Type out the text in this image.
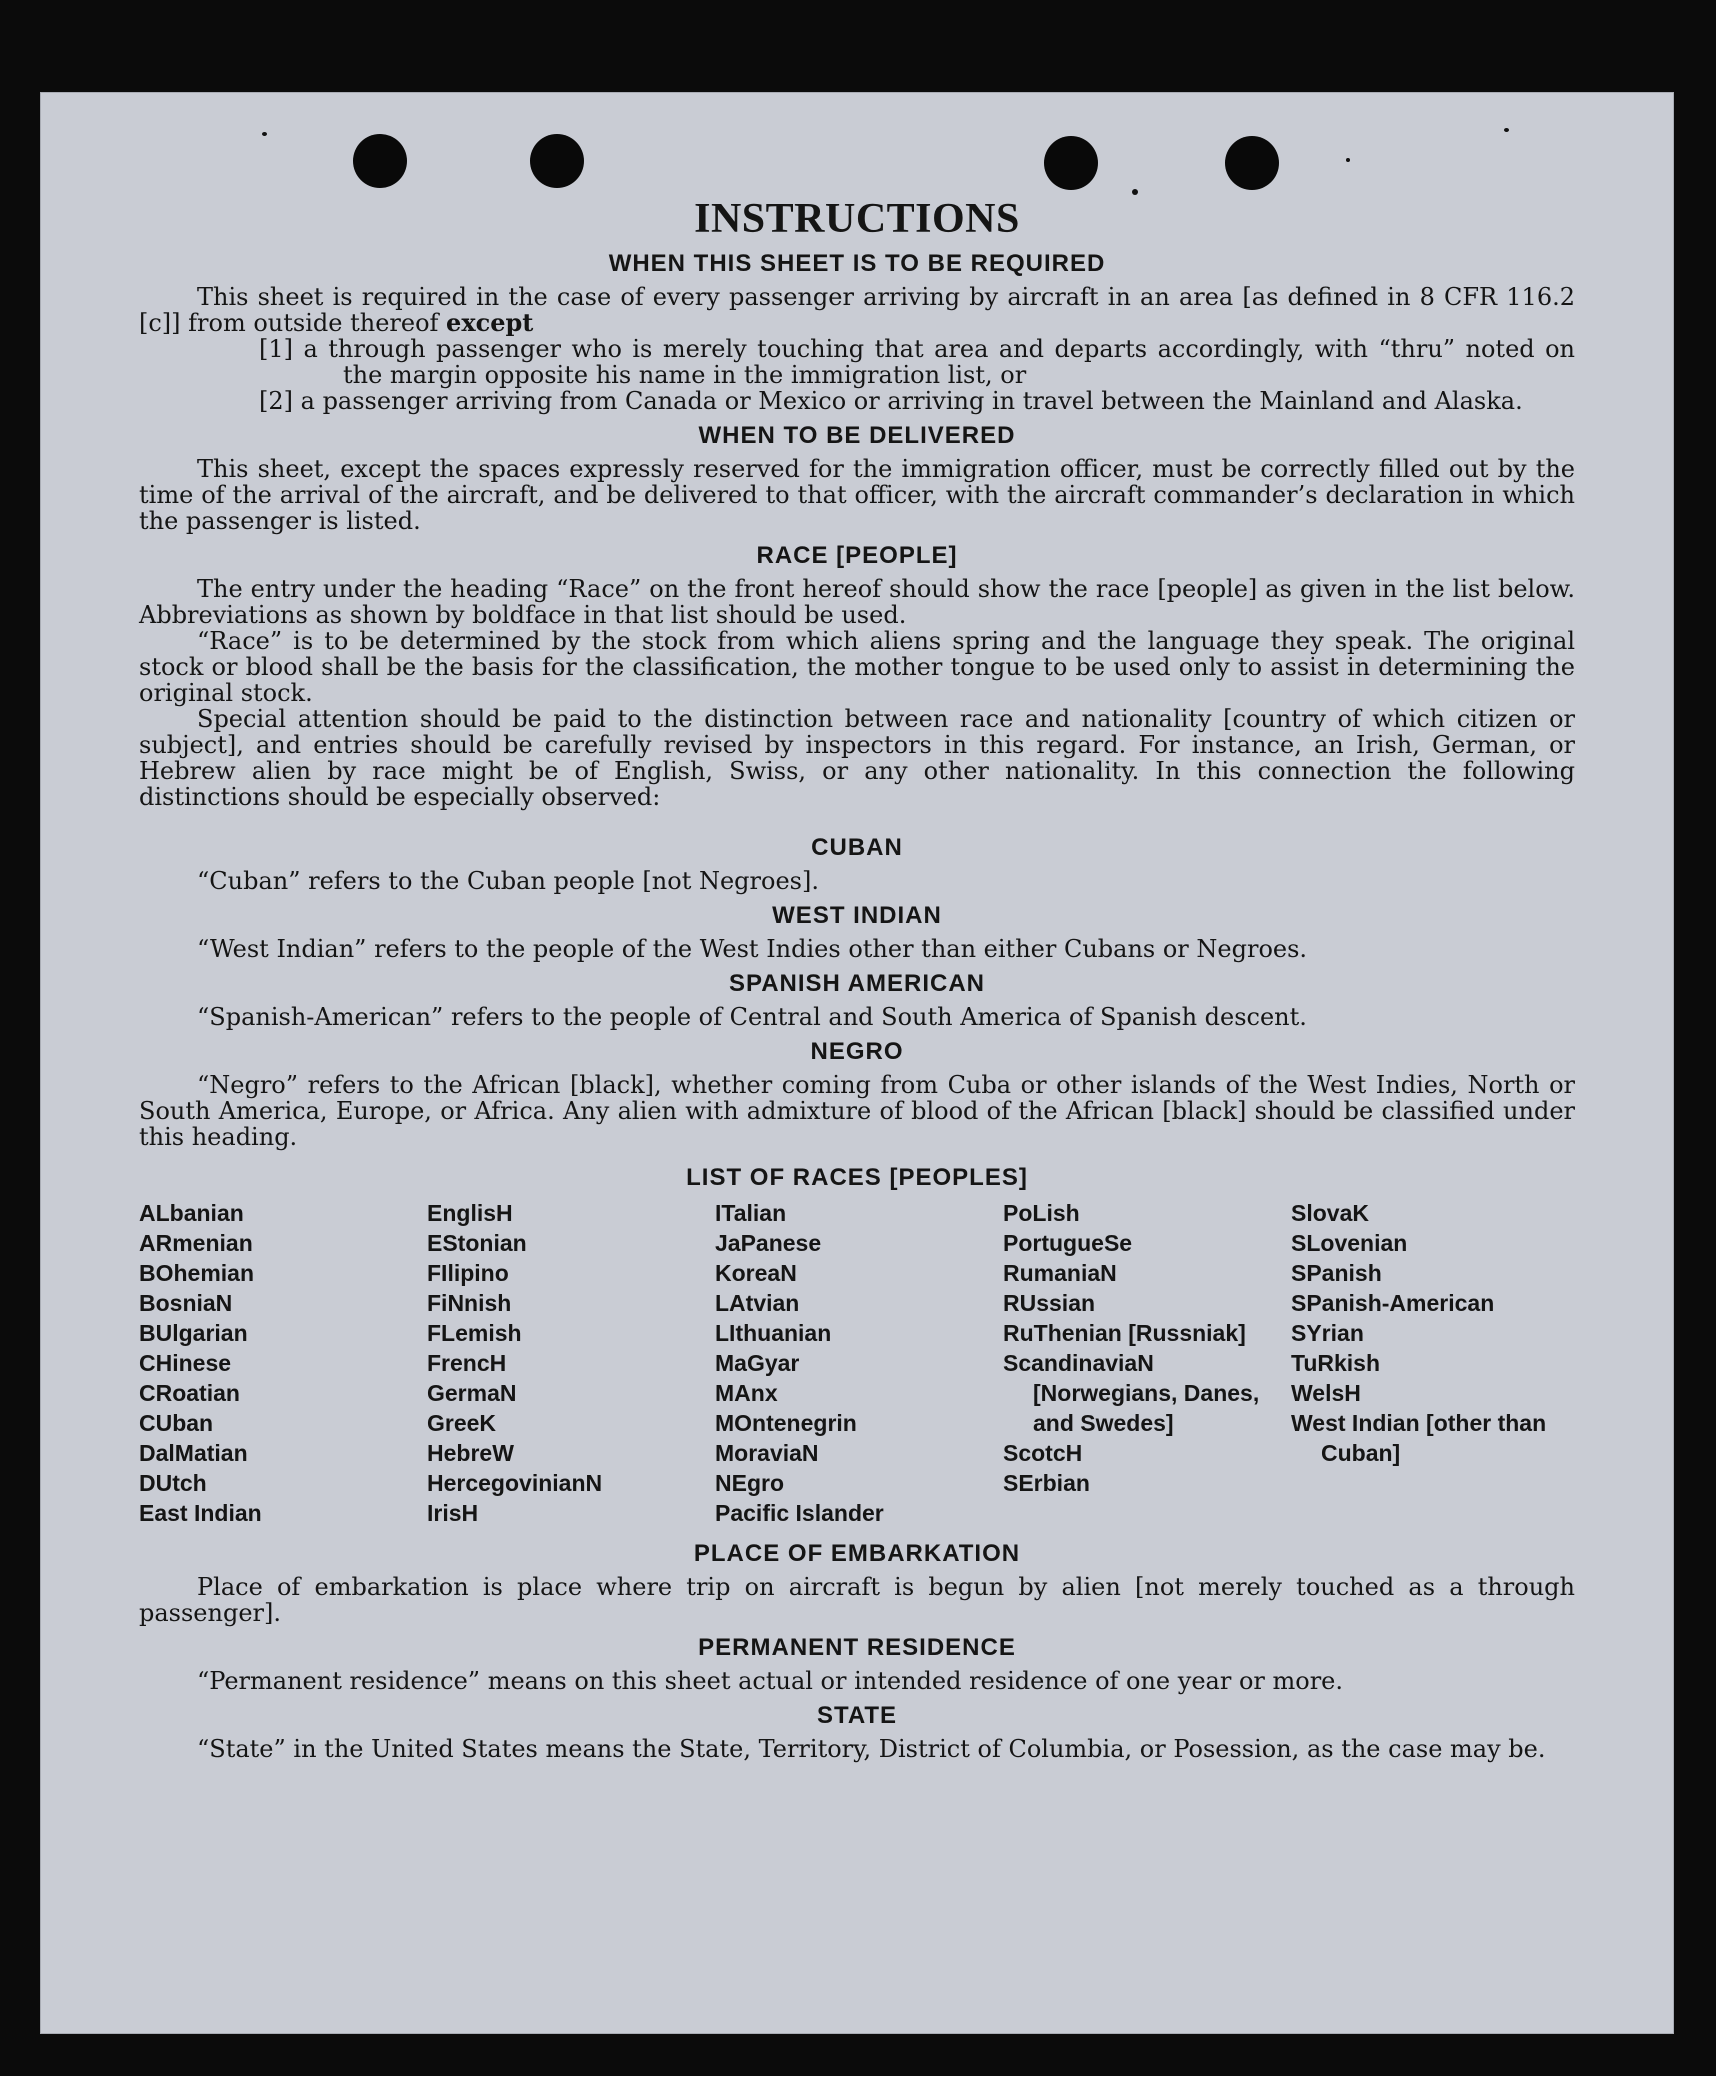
INSTRUCTIONS
WHEN THIS SHEET IS TO BE REQUIRED

This sheet is required in the case of every passenger arriving by aircraft in an area [as defined in 8 CFR 116.2 [c]] from outside thereof except

[1] a through passenger who is merely touching that area and departs accordingly, with “thru” noted on the margin opposite his name in the immigration list, or
[2] a passenger arriving from Canada or Mexico or arriving in travel between the Mainland and Alaska.
WHEN TO BE DELIVERED

This sheet, except the spaces expressly reserved for the immigration officer, must be correctly filled out by the time of the arrival of the aircraft, and be delivered to that officer, with the aircraft commander’s declaration in which the passenger is listed.

RACE [PEOPLE]

The entry under the heading “Race” on the front hereof should show the race [people] as given in the list below. Abbreviations as shown by boldface in that list should be used.

“Race” is to be determined by the stock from which aliens spring and the language they speak. The original stock or blood shall be the basis for the classification, the mother tongue to be used only to assist in determining the original stock.

Special attention should be paid to the distinction between race and nationality [country of which citizen or subject], and entries should be carefully revised by inspectors in this regard. For instance, an Irish, German, or Hebrew alien by race might be of English, Swiss, or any other nationality. In this connection the following distinctions should be especially observed:

CUBAN

“Cuban” refers to the Cuban people [not Negroes].

WEST INDIAN

“West Indian” refers to the people of the West Indies other than either Cubans or Negroes.

SPANISH AMERICAN

“Spanish-American” refers to the people of Central and South America of Spanish descent.

NEGRO

“Negro” refers to the African [black], whether coming from Cuba or other islands of the West Indies, North or South America, Europe, or Africa. Any alien with admixture of blood of the African [black] should be classified under this heading.

LIST OF RACES [PEOPLES]
ALbanian
ARmenian
BOhemian
BosniaN
BUlgarian
CHinese
CRoatian
CUban
DalMatian
DUtch
East Indian
EnglisH
EStonian
FIlipino
FiNnish
FLemish
FrencH
GermaN
GreeK
HebreW
HercegovinianN
IrisH
ITalian
JaPanese
KoreaN
LAtvian
LIthuanian
MaGyar
MAnx
MOntenegrin
MoraviaN
NEgro
Pacific Islander
PoLish
PortugueSe
RumaniaN
RUssian
RuThenian [Russniak]
ScandinaviaN [Norwegians, Danes, and Swedes]
ScotcH
SErbian
SlovaK
SLovenian
SPanish
SPanish-American
SYrian
TuRkish
WelsH
West Indian [other than Cuban]
PLACE OF EMBARKATION

Place of embarkation is place where trip on aircraft is begun by alien [not merely touched as a through passenger].

PERMANENT RESIDENCE

“Permanent residence” means on this sheet actual or intended residence of one year or more.

STATE

“State” in the United States means the State, Territory, District of Columbia, or Posession, as the case may be.
